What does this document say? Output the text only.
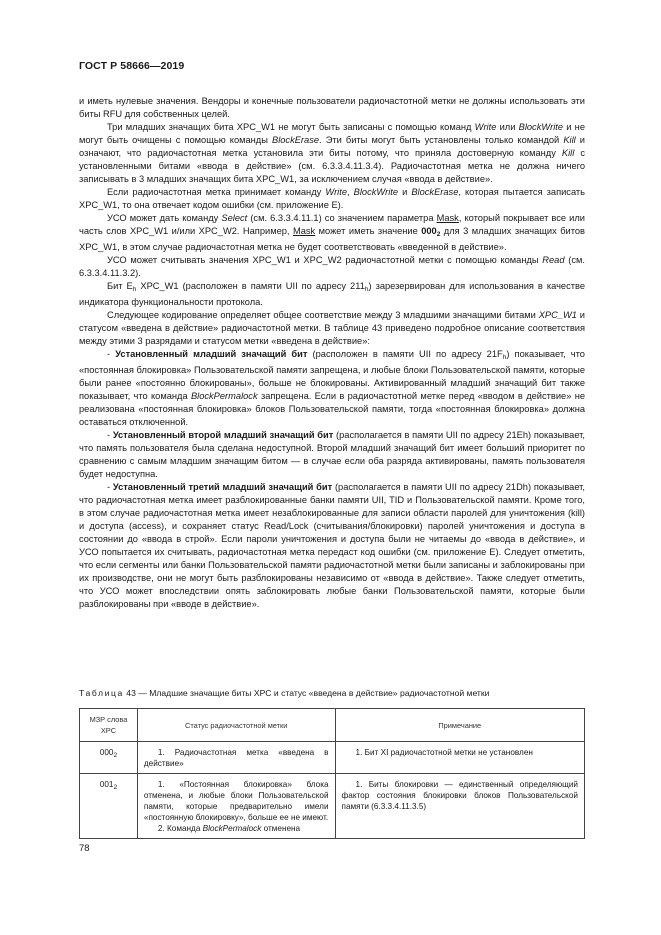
ГОСТ Р 58666—2019

и иметь нулевые значения. Вендоры и конечные пользователи радиочастотной метки не должны использовать эти биты RFU для собственных целей.

Три младших значащих бита XPC_W1 не могут быть записаны с помощью команд Write или BlockWrite и не могут быть очищены с помощью команды BlockErase. Эти биты могут быть установлены только командой Kill и означают, что радиочастотная метка установила эти биты потому, что приняла достоверную команду Kill с установленными битами «ввода в действие» (см. 6.3.3.4.11.3.4). Радиочастотная метка не должна ничего записывать в 3 младших значащих бита XPC_W1, за исключением случая «ввода в действие».

Если радиочастотная метка принимает команду Write, BlockWrite и BlockErase, которая пытается записать XPC_W1, то она отвечает кодом ошибки (см. приложение Е).

УСО может дать команду Select (см. 6.3.3.4.11.1) со значением параметра Mask, который покрывает все или часть слов XPC_W1 и/или XPC_W2. Например, Mask может иметь значение $000_2$ для 3 младших значащих битов XPC_W1, в этом случае радиочастотная метка не будет соответствовать «введенной в действие».

УСО может считывать значения XPC_W1 и XPC_W2 радиочастотной метки с помощью команды Read (см. 6.3.3.4.11.3.2).

Бит $E_h$ XPC_W1 (расположен в памяти UII по адресу $211_h$) зарезервирован для использования в качестве индикатора функциональности протокола.

Следующее кодирование определяет общее соответствие между 3 младшими значащими битами XPC_W1 и статусом «введена в действие» радиочастотной метки. В таблице 43 приведено подробное описание соответствия между этими 3 разрядами и статусом метки «введена в действие»:

- Установленный младший значащий бит (расположен в памяти UII по адресу $21F_h$) показывает, что «постоянная блокировка» Пользовательской памяти запрещена, и любые блоки Пользовательской памяти, которые были ранее «постоянно блокированы», больше не блокированы. Активированный младший значащий бит также показывает, что команда BlockPermalock запрещена. Если в радиочастотной метке перед «вводом в действие» не реализована «постоянная блокировка» блоков Пользовательской памяти, тогда «постоянная блокировка» должна оставаться отключенной.

- Установленный второй младший значащий бит (располагается в памяти UII по адресу 21Eh) показывает, что память пользователя была сделана недоступной. Второй младший значащий бит имеет больший приоритет по сравнению с самым младшим значащим битом — в случае если оба разряда активированы, память пользователя будет недоступна.

- Установленный третий младший значащий бит (располагается в памяти UII по адресу 21Dh) показывает, что радиочастотная метка имеет разблокированные банки памяти UII, TID и Пользовательской памяти. Кроме того, в этом случае радиочастотная метка имеет незаблокированные для записи области паролей для уничтожения (kill) и доступа (access), и сохраняет статус Read/Lock (считывания/блокировки) паролей уничтожения и доступа в состоянии до «ввода в строй». Если пароли уничтожения и доступа были не читаемы до «ввода в действие», и УСО попытается их считывать, радиочастотная метка передаст код ошибки (см. приложение Е). Следует отметить, что если сегменты или банки Пользовательской памяти радиочастотной метки были записаны и заблокированы при их производстве, они не могут быть разблокированы независимо от «ввода в действие». Также следует отметить, что УСО может впоследствии опять заблокировать любые банки Пользовательской памяти, которые были разблокированы при «вводе в действие».

Таблица 43 — Младшие значащие биты XPC и статус «введена в действие» радиочастотной метки
МЗР слова XPC	Статус радиочастотной метки	Примечание
$000_2$	1. Радиочастотная метка «введена в действие»	1. Бит XI радиочастотной метки не установлен

$001_2$	1. «Постоянная блокировка» блока отменена, и любые блоки Пользовательской памяти, которые предварительно имели «постоянную блокировку», больше ее не имеют.
2. Команда BlockPermalock отменена	1. Биты блокировки — единственный определяющий фактор состояния блокировки блоков Пользовательской памяти (6.3.3.4.11.3.5)
78
